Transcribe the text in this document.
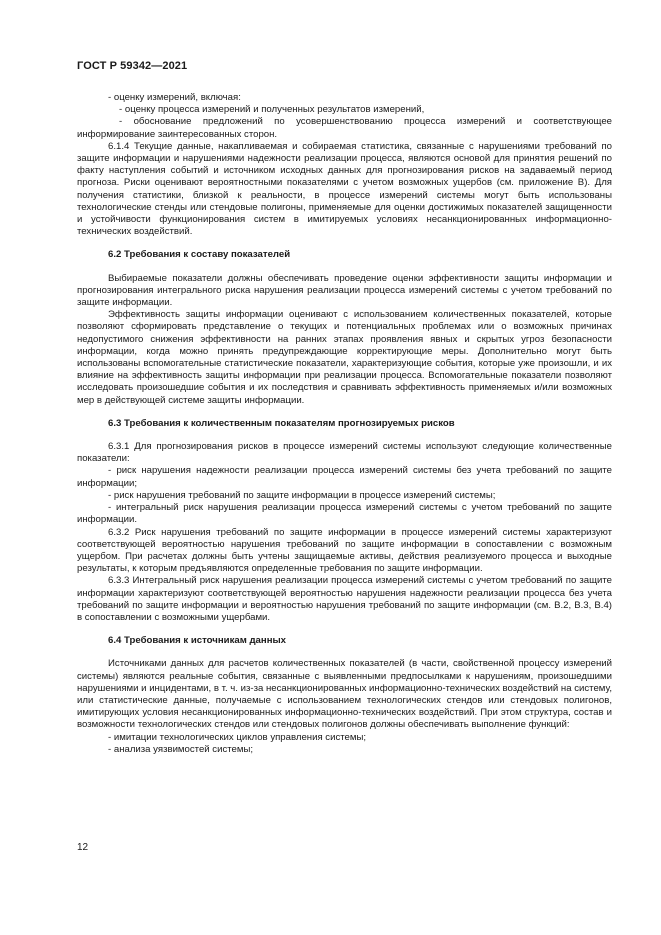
ГОСТ Р 59342—2021

- оценку измерений, включая:

- оценку процесса измерений и полученных результатов измерений,

- обоснование предложений по усовершенствованию процесса измерений и соответствующее информирование заинтересованных сторон.

6.1.4 Текущие данные, накапливаемая и собираемая статистика, связанные с нарушениями требований по защите информации и нарушениями надежности реализации процесса, являются основой для принятия решений по факту наступления событий и источником исходных данных для прогнозирования рисков на задаваемый период прогноза. Риски оценивают вероятностными показателями с учетом возможных ущербов (см. приложение В). Для получения статистики, близкой к реальности, в процессе измерений системы могут быть использованы технологические стенды или стендовые полигоны, применяемые для оценки достижимых показателей защищенности и устойчивости функционирования систем в имитируемых условиях несанкционированных информационно-технических воздействий.

6.2 Требования к составу показателей

Выбираемые показатели должны обеспечивать проведение оценки эффективности защиты информации и прогнозирования интегрального риска нарушения реализации процесса измерений системы с учетом требований по защите информации.

Эффективность защиты информации оценивают с использованием количественных показателей, которые позволяют сформировать представление о текущих и потенциальных проблемах или о возможных причинах недопустимого снижения эффективности на ранних этапах проявления явных и скрытых угроз безопасности информации, когда можно принять предупреждающие корректирующие меры. Дополнительно могут быть использованы вспомогательные статистические показатели, характеризующие события, которые уже произошли, и их влияние на эффективность защиты информации при реализации процесса. Вспомогательные показатели позволяют исследовать произошедшие события и их последствия и сравнивать эффективность применяемых и/или возможных мер в действующей системе защиты информации.

6.3 Требования к количественным показателям прогнозируемых рисков

6.3.1 Для прогнозирования рисков в процессе измерений системы используют следующие количественные показатели:

- риск нарушения надежности реализации процесса измерений системы без учета требований по защите информации;

- риск нарушения требований по защите информации в процессе измерений системы;

- интегральный риск нарушения реализации процесса измерений системы с учетом требований по защите информации.

6.3.2 Риск нарушения требований по защите информации в процессе измерений системы характеризуют соответствующей вероятностью нарушения требований по защите информации в сопоставлении с возможным ущербом. При расчетах должны быть учтены защищаемые активы, действия реализуемого процесса и выходные результаты, к которым предъявляются определенные требования по защите информации.

6.3.3 Интегральный риск нарушения реализации процесса измерений системы с учетом требований по защите информации характеризуют соответствующей вероятностью нарушения надежности реализации процесса без учета требований по защите информации и вероятностью нарушения требований по защите информации (см. В.2, В.3, В.4) в сопоставлении с возможными ущербами.

6.4 Требования к источникам данных

Источниками данных для расчетов количественных показателей (в части, свойственной процессу измерений системы) являются реальные события, связанные с выявленными предпосылками к нарушениям, произошедшими нарушениями и инцидентами, в т. ч. из-за несанкционированных информационно-технических воздействий на систему, или статистические данные, получаемые с использованием технологических стендов или стендовых полигонов, имитирующих условия несанкционированных информационно-технических воздействий. При этом структура, состав и возможности технологических стендов или стендовых полигонов должны обеспечивать выполнение функций:

- имитации технологических циклов управления системы;

- анализа уязвимостей системы;

12
